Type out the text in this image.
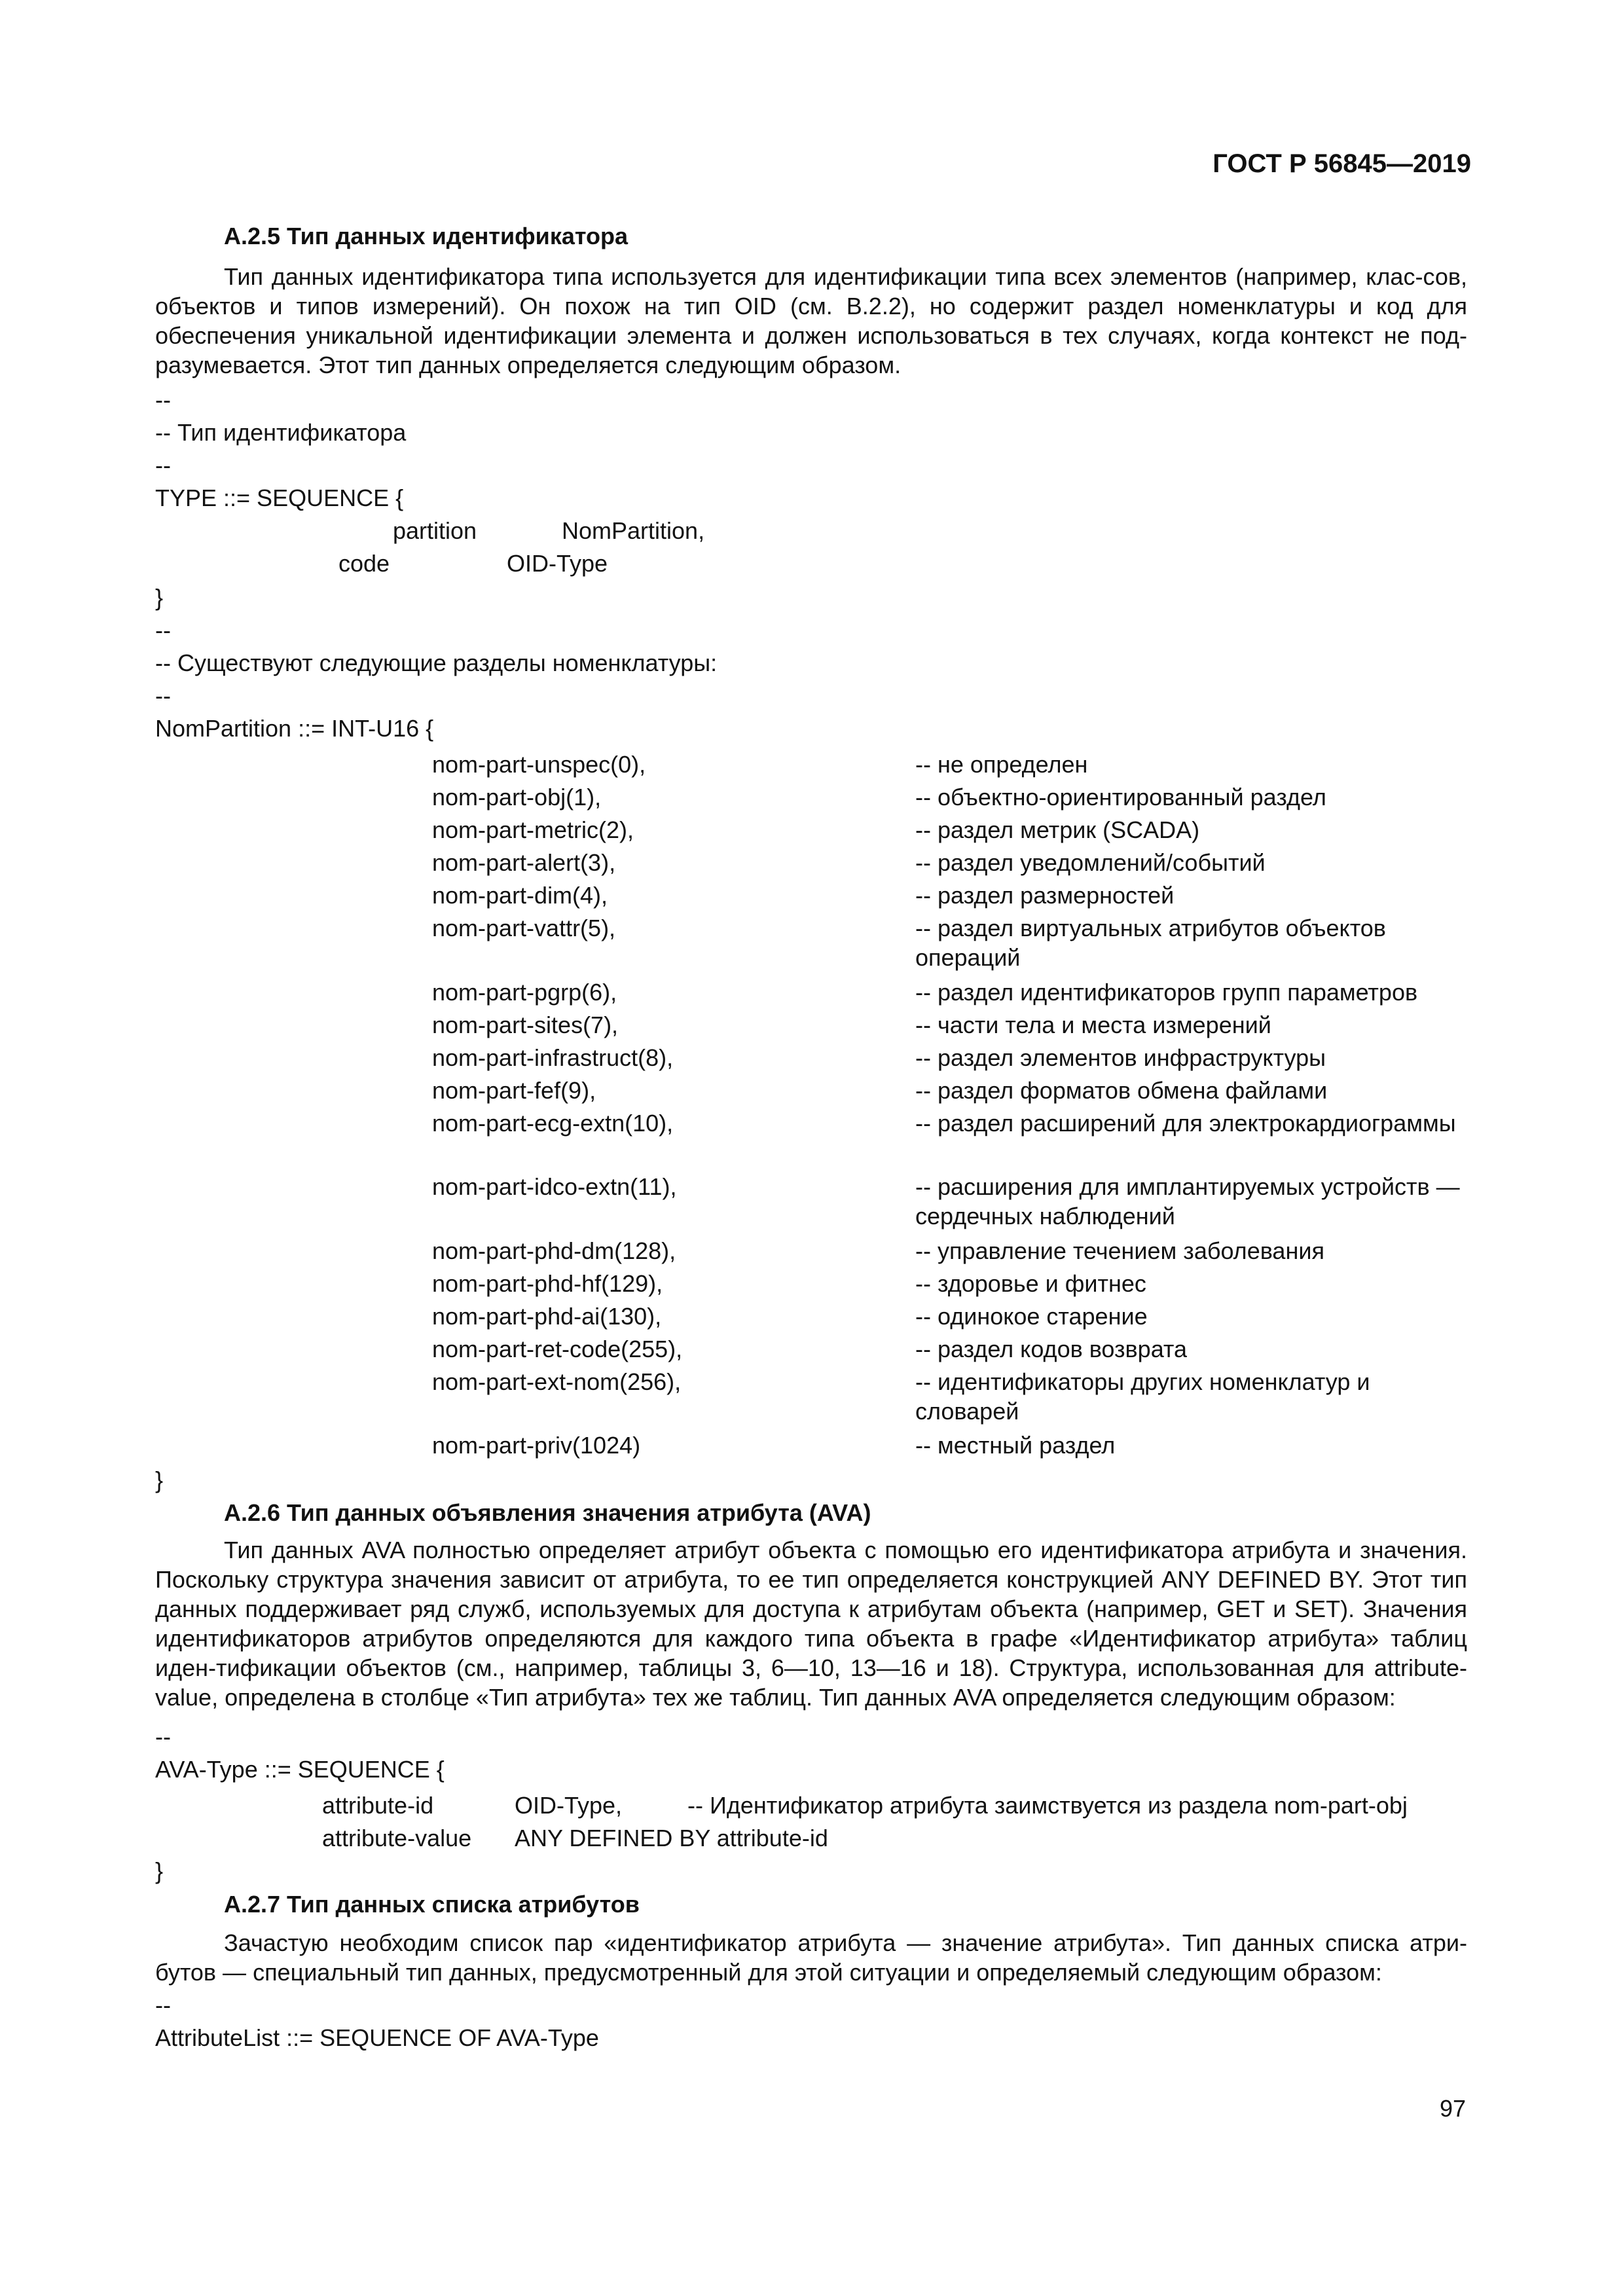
ГОСТ Р 56845—2019
А.2.5 Тип данных идентификатора

Тип данных идентификатора типа используется для идентификации типа всех элементов (например, клас-сов, объектов и типов измерений). Он похож на тип OID (см. В.2.2), но содержит раздел номенклатуры и код для обеспечения уникальной идентификации элемента и должен использоваться в тех случаях, когда контекст не под-разумевается. Этот тип данных определяется следующим образом.

--
-- Тип идентификатора
--
TYPE ::= SEQUENCE {
partition	NomPartition,
code	OID-Type
}
--
-- Существуют следующие разделы номенклатуры:
--
NomPartition ::= INT-U16 {
nom-part-unspec(0),	-- не определен
nom-part-obj(1),	-- объектно-ориентированный раздел
nom-part-metric(2),	-- раздел метрик (SCADA)
nom-part-alert(3),	-- раздел уведомлений/событий
nom-part-dim(4),	-- раздел размерностей
nom-part-vattr(5),	-- раздел виртуальных атрибутов объектов операций
nom-part-pgrp(6),	-- раздел идентификаторов групп параметров
nom-part-sites(7),	-- части тела и места измерений
nom-part-infrastruct(8),	-- раздел элементов инфраструктуры
nom-part-fef(9),	-- раздел форматов обмена файлами
nom-part-ecg-extn(10),	-- раздел расширений для электрокардиограммы
nom-part-idco-extn(11),	-- расширения для имплантируемых устройств — сердечных наблюдений
nom-part-phd-dm(128),	-- управление течением заболевания
nom-part-phd-hf(129),	-- здоровье и фитнес
nom-part-phd-ai(130),	-- одинокое старение
nom-part-ret-code(255),	-- раздел кодов возврата
nom-part-ext-nom(256),	-- идентификаторы других номенклатур и словарей
nom-part-priv(1024)	-- местный раздел
}
А.2.6 Тип данных объявления значения атрибута (AVA)

Тип данных AVA полностью определяет атрибут объекта с помощью его идентификатора атрибута и значения. Поскольку структура значения зависит от атрибута, то ее тип определяется конструкцией ANY DEFINED BY. Этот тип данных поддерживает ряд служб, используемых для доступа к атрибутам объекта (например, GET и SET). Значения идентификаторов атрибутов определяются для каждого типа объекта в графе «Идентификатор атрибута» таблиц иден-тификации объектов (см., например, таблицы 3, 6—10, 13—16 и 18). Структура, использованная для attribute-value, определена в столбце «Тип атрибута» тех же таблиц. Тип данных AVA определяется следующим образом:

--
AVA-Type ::= SEQUENCE {
attribute-id	OID-Type,	-- Идентификатор атрибута заимствуется из раздела nom-part-obj
attribute-value ANY DEFINED BY attribute-id
}
А.2.7 Тип данных списка атрибутов

Зачастую необходим список пар «идентификатор атрибута — значение атрибута». Тип данных списка атри-бутов — специальный тип данных, предусмотренный для этой ситуации и определяемый следующим образом:

--
AttributeList ::= SEQUENCE OF AVA-Type
97
